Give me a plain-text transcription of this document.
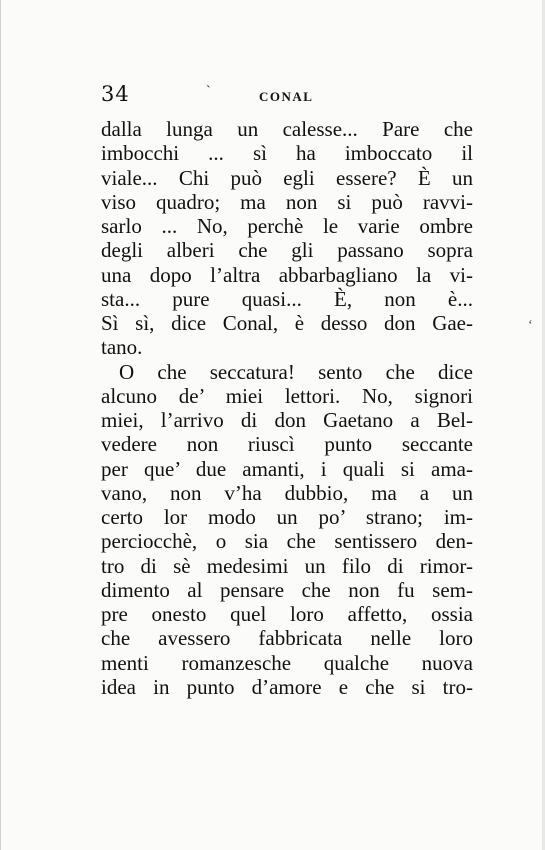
34	`	CONAL
dalla lunga un calesse... Pare che
imbocchi ... sì ha imboccato il
viale... Chi può egli essere? È un
viso quadro; ma non si può ravvi-
sarlo ... No, perchè le varie ombre
degli alberi che gli passano sopra
una dopo l’altra abbarbagliano la vi-
sta... pure quasi... È, non è...
Sì sì, dice Conal, è desso don Gae-
tano.
O che seccatura! sento che dice
alcuno de’ miei lettori. No, signori
miei, l’arrivo di don Gaetano a Bel-
vedere non riuscì punto seccante
per que’ due amanti, i quali si ama-
vano, non v’ha dubbio, ma a un
certo lor modo un po’ strano; im-
perciocchè, o sia che sentissero den-
tro di sè medesimi un filo di rimor-
dimento al pensare che non fu sem-
pre onesto quel loro affetto, ossia
che avessero fabbricata nelle loro
menti romanzesche qualche nuova
idea in punto d’amore e che si tro-
ʻ
